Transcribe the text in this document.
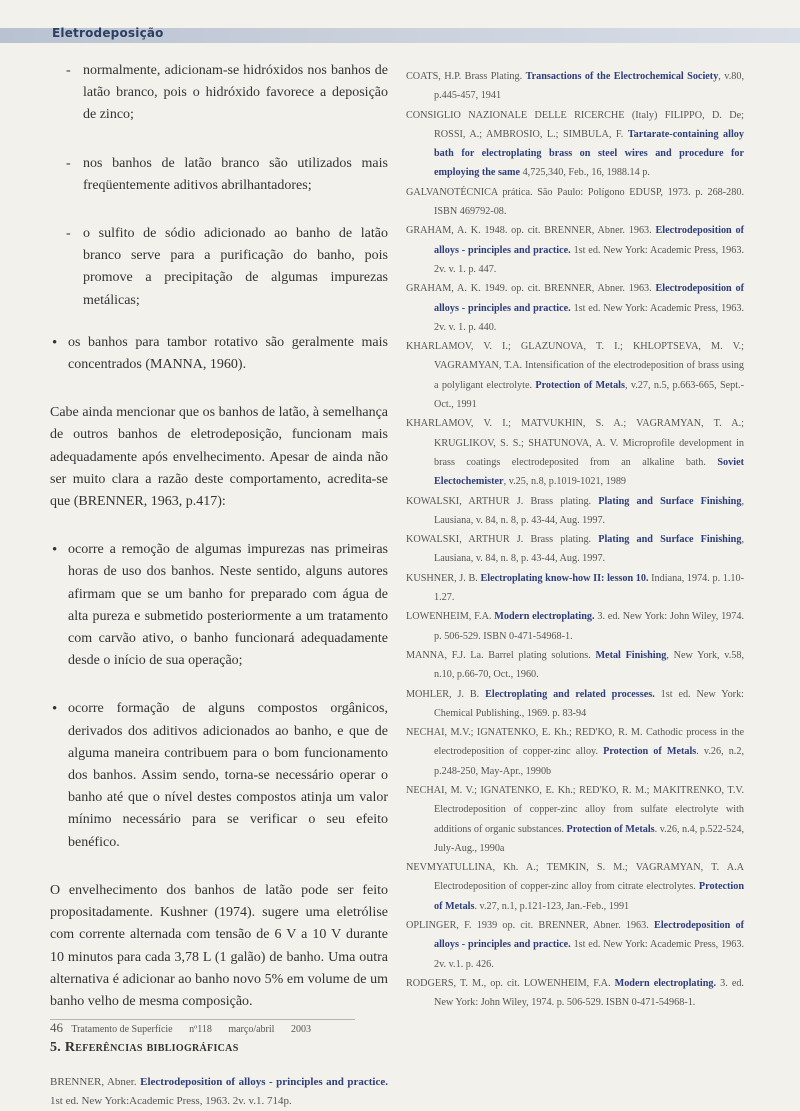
Eletrodeposição
- normalmente, adicionam-se hidróxidos nos banhos de latão branco, pois o hidróxido favorece a deposição de zinco;
- nos banhos de latão branco são utilizados mais freqüentemente aditivos abrilhantadores;
- o sulfito de sódio adicionado ao banho de latão branco serve para a purificação do banho, pois promove a precipitação de algumas impurezas metálicas;
• os banhos para tambor rotativo são geralmente mais concentrados (MANNA, 1960).

Cabe ainda mencionar que os banhos de latão, à semelhança de outros banhos de eletrodeposição, funcionam mais adequadamente após envelhecimento. Apesar de ainda não ser muito clara a razão deste comportamento, acredita-se que (BRENNER, 1963, p.417):

• ocorre a remoção de algumas impurezas nas primeiras horas de uso dos banhos. Neste sentido, alguns autores afirmam que se um banho for preparado com água de alta pureza e submetido posteriormente a um tratamento com carvão ativo, o banho funcionará adequadamente desde o início de sua operação;
• ocorre formação de alguns compostos orgânicos, derivados dos aditivos adicionados ao banho, e que de alguma maneira contribuem para o bom funcionamento dos banhos. Assim sendo, torna-se necessário operar o banho até que o nível destes compostos atinja um valor mínimo necessário para se verificar o seu efeito benéfico.

O envelhecimento dos banhos de latão pode ser feito propositadamente. Kushner (1974). sugere uma eletrólise com corrente alternada com tensão de 6 V a 10 V durante 10 minutos para cada 3,78 L (1 galão) de banho. Uma outra alternativa é adicionar ao banho novo 5% em volume de um banho velho de mesma composição.

5. Referências bibliográficas

BRENNER, Abner. Electrodeposition of alloys - principles and practice. 1st ed. New York:Academic Press, 1963. 2v. v.1. 714p.

COATS, H.P. Brass Plating. Transactions of the Electrochemical Society, v.80, p.445-457, 1941

CONSIGLIO NAZIONALE DELLE RICERCHE (Italy) FILIPPO, D. De; ROSSI, A.; AMBROSIO, L.; SIMBULA, F. Tartarate-containing alloy bath for electroplating brass on steel wires and procedure for employing the same 4,725,340, Feb., 16, 1988.14 p.

GALVANOTÉCNICA prática. São Paulo: Polígono EDUSP, 1973. p. 268-280. ISBN 469792-08.

GRAHAM, A. K. 1948. op. cit. BRENNER, Abner. 1963. Electrodeposition of alloys - principles and practice. 1st ed. New York: Academic Press, 1963. 2v. v. 1. p. 447.

GRAHAM, A. K. 1949. op. cit. BRENNER, Abner. 1963. Electrodeposition of alloys - principles and practice. 1st ed. New York: Academic Press, 1963. 2v. v. 1. p. 440.

KHARLAMOV, V. I.; GLAZUNOVA, T. I.; KHLOPTSEVA, M. V.; VAGRAMYAN, T.A. Intensification of the electrodeposition of brass using a polyligant electrolyte. Protection of Metals, v.27, n.5, p.663-665, Sept.-Oct., 1991

KHARLAMOV, V. I.; MATVUKHIN, S. A.; VAGRAMYAN, T. A.; KRUGLIKOV, S. S.; SHATUNOVA, A. V. Microprofile development in brass coatings electrodeposited from an alkaline bath. Soviet Electochemister, v.25, n.8, p.1019-1021, 1989

KOWALSKI, ARTHUR J. Brass plating. Plating and Surface Finishing, Lausiana, v. 84, n. 8, p. 43-44, Aug. 1997.

KOWALSKI, ARTHUR J. Brass plating. Plating and Surface Finishing, Lausiana, v. 84, n. 8, p. 43-44, Aug. 1997.

KUSHNER, J. B. Electroplating know-how II: lesson 10. Indiana, 1974. p. 1.10-1.27.

LOWENHEIM, F.A. Modern electroplating. 3. ed. New York: John Wiley, 1974. p. 506-529. ISBN 0-471-54968-1.

MANNA, F.J. La. Barrel plating solutions. Metal Finishing, New York, v.58, n.10, p.66-70, Oct., 1960.

MOHLER, J. B. Electroplating and related processes. 1st ed. New York: Chemical Publishing., 1969. p. 83-94

NECHAI, M.V.; IGNATENKO, E. Kh.; RED'KO, R. M. Cathodic process in the electrodeposition of copper-zinc alloy. Protection of Metals. v.26, n.2, p.248-250, May-Apr., 1990b

NECHAI, M. V.; IGNATENKO, E. Kh.; RED'KO, R. M.; MAKITRENKO, T.V. Electrodeposition of copper-zinc alloy from sulfate electrolyte with additions of organic substances. Protection of Metals. v.26, n.4, p.522-524, July-Aug., 1990a

NEVMYATULLINA, Kh. A.; TEMKIN, S. M.; VAGRAMYAN, T. A.A Electrodeposition of copper-zinc alloy from citrate electrolytes. Protection of Metals. v.27, n.1, p.121-123, Jan.-Feb., 1991

OPLINGER, F. 1939 op. cit. BRENNER, Abner. 1963. Electrodeposition of alloys - principles and practice. 1st ed. New York: Academic Press, 1963. 2v. v.1. p. 426.

RODGERS, T. M., op. cit. LOWENHEIM, F.A. Modern electroplating. 3. ed. New York: John Wiley, 1974. p. 506-529. ISBN 0-471-54968-1.

46 Tratamento de Superfície nº118 março/abril 2003
